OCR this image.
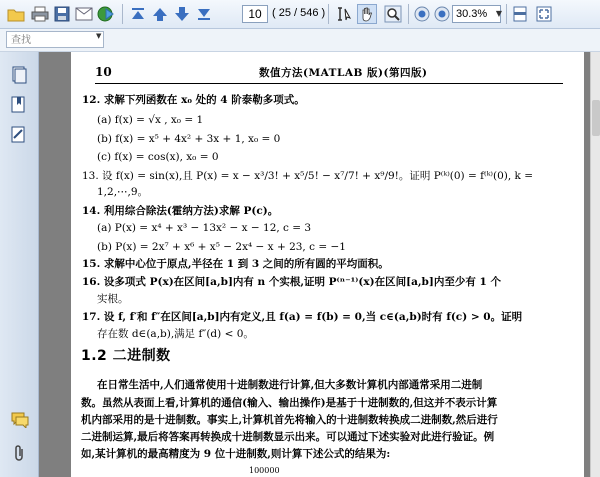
10 ( 25 / 546 )	30.3%	▼
查找	▼
10	数值方法(MATLAB 版)(第四版)
12. 求解下列函数在 x₀ 处的 4 阶泰勒多项式。
(a) f(x) = √x , x₀ = 1
(b) f(x) = x⁵ + 4x² + 3x + 1, x₀ = 0
(c) f(x) = cos(x), x₀ = 0
13. 设 f(x) = sin(x),且 P(x) = x − x³/3! + x⁵/5! − x⁷/7! + x⁹/9!。证明 P⁽ᵏ⁾(0) = f⁽ᵏ⁾(0), k =
1,2,⋯,9。
14. 利用综合除法(霍纳方法)求解 P(c)。
(a) P(x) = x⁴ + x³ − 13x² − x − 12, c = 3
(b) P(x) = 2x⁷ + x⁶ + x⁵ − 2x⁴ − x + 23, c = −1
15. 求解中心位于原点,半径在 1 到 3 之间的所有圆的平均面积。
16. 设多项式 P(x)在区间[a,b]内有 n 个实根,证明 P⁽ⁿ⁻¹⁾(x)在区间[a,b]内至少有 1 个
实根。
17. 设 f, f′和 f″在区间[a,b]内有定义,且 f(a) = f(b) = 0,当 c∈(a,b)时有 f(c) > 0。证明
存在数 d∈(a,b),满足 f″(d) < 0。
1.2 二进制数
在日常生活中,人们通常使用十进制数进行计算,但大多数计算机内部通常采用二进制
数。虽然从表面上看,计算机的通信(输入、输出操作)是基于十进制数的,但这并不表示计算
机内部采用的是十进制数。事实上,计算机首先将输入的十进制数转换成二进制数,然后进行
二进制运算,最后将答案再转换成十进制数显示出来。可以通过下述实验对此进行验证。例
如,某计算机的最高精度为 9 位十进制数,则计算下述公式的结果为:
100000
